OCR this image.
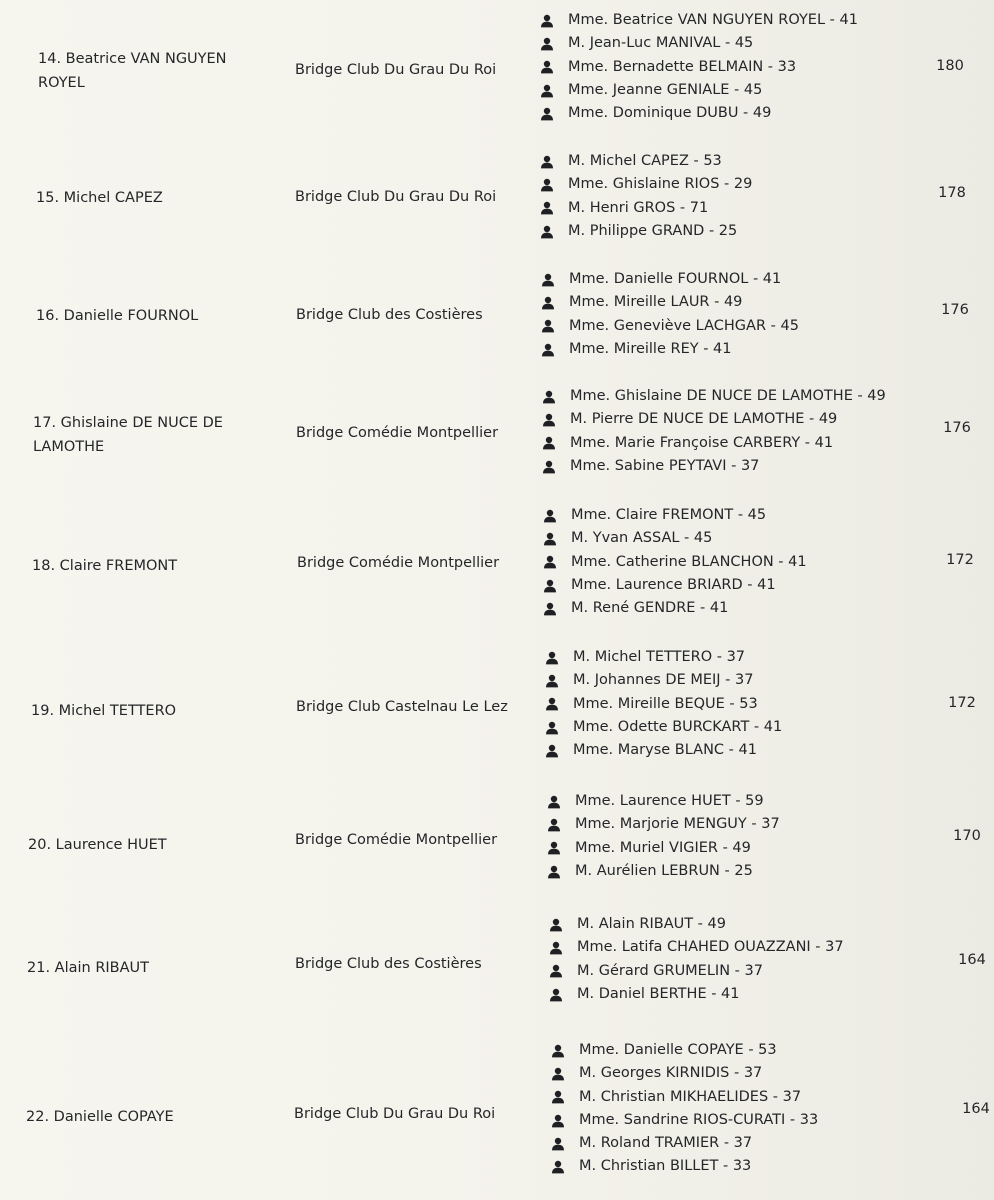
14. Beatrice VAN NGUYEN ROYEL
Bridge Club Du Grau Du Roi
Mme. Beatrice VAN NGUYEN ROYEL - 41
M. Jean-Luc MANIVAL - 45
Mme. Bernadette BELMAIN - 33
Mme. Jeanne GENIALE - 45
Mme. Dominique DUBU - 49
180
15. Michel CAPEZ	Bridge Club Du Grau Du Roi
M. Michel CAPEZ - 53
Mme. Ghislaine RIOS - 29
M. Henri GROS - 71
M. Philippe GRAND - 25
178
16. Danielle FOURNOL	Bridge Club des Costières
Mme. Danielle FOURNOL - 41
Mme. Mireille LAUR - 49
Mme. Geneviève LACHGAR - 45
Mme. Mireille REY - 41
176
17. Ghislaine DE NUCE DE LAMOTHE
Bridge Comédie Montpellier
Mme. Ghislaine DE NUCE DE LAMOTHE - 49
M. Pierre DE NUCE DE LAMOTHE - 49
Mme. Marie Françoise CARBERY - 41
Mme. Sabine PEYTAVI - 37
176
18. Claire FREMONT	Bridge Comédie Montpellier
Mme. Claire FREMONT - 45
M. Yvan ASSAL - 45
Mme. Catherine BLANCHON - 41
Mme. Laurence BRIARD - 41
M. René GENDRE - 41
172
19. Michel TETTERO	Bridge Club Castelnau Le Lez
M. Michel TETTERO - 37
M. Johannes DE MEIJ - 37
Mme. Mireille BEQUE - 53
Mme. Odette BURCKART - 41
Mme. Maryse BLANC - 41
172
20. Laurence HUET	Bridge Comédie Montpellier
Mme. Laurence HUET - 59
Mme. Marjorie MENGUY - 37
Mme. Muriel VIGIER - 49
M. Aurélien LEBRUN - 25
170
21. Alain RIBAUT	Bridge Club des Costières
M. Alain RIBAUT - 49
Mme. Latifa CHAHED OUAZZANI - 37
M. Gérard GRUMELIN - 37
M. Daniel BERTHE - 41
164
22. Danielle COPAYE	Bridge Club Du Grau Du Roi
Mme. Danielle COPAYE - 53
M. Georges KIRNIDIS - 37
M. Christian MIKHAELIDES - 37
Mme. Sandrine RIOS-CURATI - 33
M. Roland TRAMIER - 37
M. Christian BILLET - 33
164
